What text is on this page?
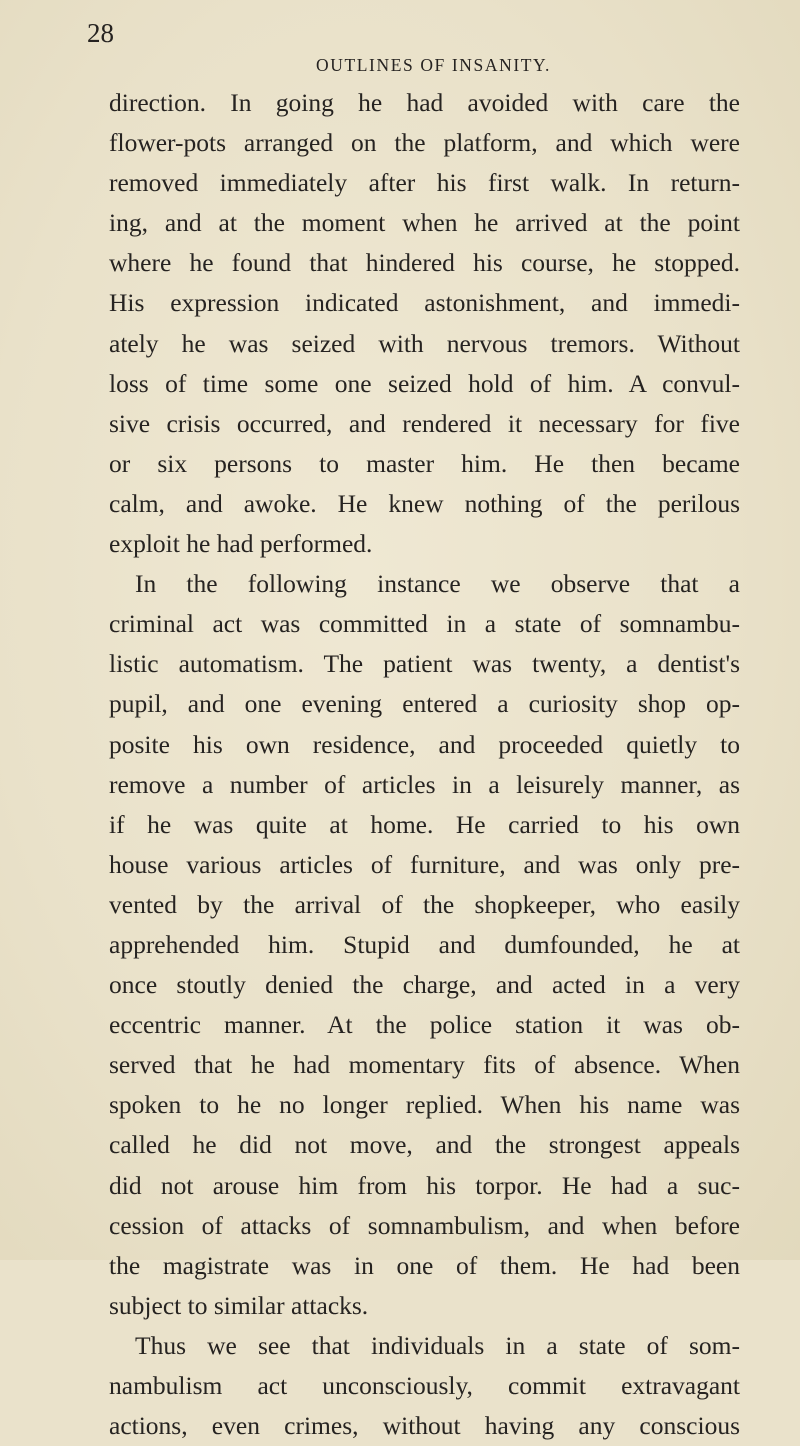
28
OUTLINES OF INSANITY.
direction. In going he had avoided with care the
flower-pots arranged on the platform, and which were
removed immediately after his first walk. In return-
ing, and at the moment when he arrived at the point
where he found that hindered his course, he stopped.
His expression indicated astonishment, and immedi-
ately he was seized with nervous tremors. Without
loss of time some one seized hold of him. A convul-
sive crisis occurred, and rendered it necessary for five
or six persons to master him. He then became
calm, and awoke. He knew nothing of the perilous
exploit he had performed.
In the following instance we observe that a
criminal act was committed in a state of somnambu-
listic automatism. The patient was twenty, a dentist's
pupil, and one evening entered a curiosity shop op-
posite his own residence, and proceeded quietly to
remove a number of articles in a leisurely manner, as
if he was quite at home. He carried to his own
house various articles of furniture, and was only pre-
vented by the arrival of the shopkeeper, who easily
apprehended him. Stupid and dumfounded, he at
once stoutly denied the charge, and acted in a very
eccentric manner. At the police station it was ob-
served that he had momentary fits of absence. When
spoken to he no longer replied. When his name was
called he did not move, and the strongest appeals
did not arouse him from his torpor. He had a suc-
cession of attacks of somnambulism, and when before
the magistrate was in one of them. He had been
subject to similar attacks.
Thus we see that individuals in a state of som-
nambulism act unconsciously, commit extravagant
actions, even crimes, without having any conscious
